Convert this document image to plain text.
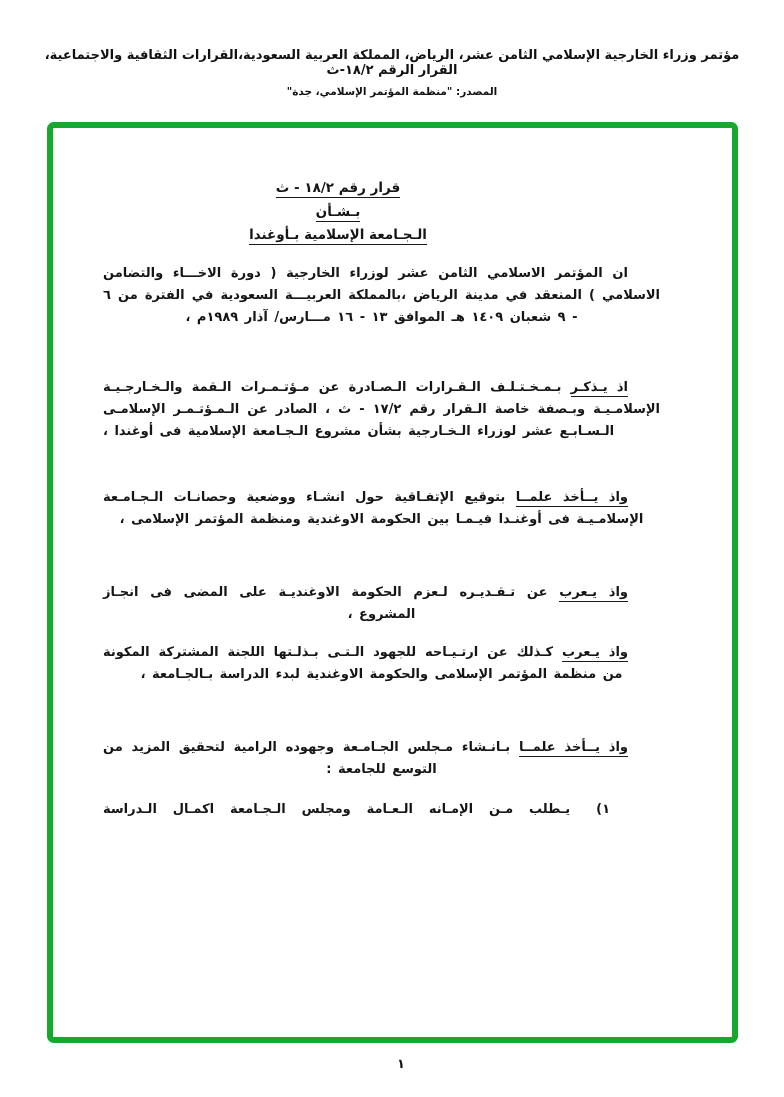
مؤتمر وزراء الخارجية الإسلامي الثامن عشر، الرياض، المملكة العربية السعودية،القرارات الثقافية والاجتماعية، القرار الرقم ١٨/٢-ث
المصدر: "منظمة المؤتمر الإسلامي، جدة"
قرار رقم ١٨/٢ - ث
بـشـأن
الـجـامعة الإسلامية بـأوغندا

ان المؤتمر الاسلامي الثامن عشر لوزراء الخارجية ( دورة الاخـــاء والتضامن الاسلامي ) المنعقد في مدينة الرياض ،بالمملكة العربيـــة السعودية في الفترة من ٦ - ٩ شعبان ١٤٠٩ هـ الموافق ١٣ - ١٦ مـــارس/ آذار ١٩٨٩م ،

اذ يـذكـر بـمـخـتـلـف الـقـرارات الـصـادرة عن مـؤتـمـرات الـقمة والـخـارجـيـة الإسلامـيـة وبـصفة خاصة الـقرار رقم ١٧/٢ - ث ، الصادر عن الـمـؤتـمـر الإسلامـى الـسـابـع عشر لوزراء الـخـارجية بشأن مشروع الـجـامعة الإسلامية فى أوغندا ،

واذ يــأخذ علمــا بتوقيع الإتفـاقية حول انشـاء ووضعية وحصانـات الـجـامـعة الإسلامـيـة فى أوغنـدا فيـمـا بين الحكومة الاوغندية ومنظمة المؤتمر الإسلامى ،

واذ يـعرب عن تـقـديـره لـعزم الحكومة الاوغنديـة على المضى فى انجـاز المشروع ،

واذ يـعرب كـذلك عن ارتـيـاحه للجهود الـتـى بـذلـتها اللجنة المشتركة المكونة من منظمة المؤتمر الإسلامى والحكومة الاوغندية لبدء الدراسة بـالجـامعة ،

واذ يــأخذ علمــا بـانـشاء مـجلس الجـامـعة وجهوده الرامية لتحقيق المزيد من التوسع للجامعة :

١)
يـطلب مـن الإمـانه الـعـامة ومجلس الـجـامعة اكمـال الـدراسة
١
